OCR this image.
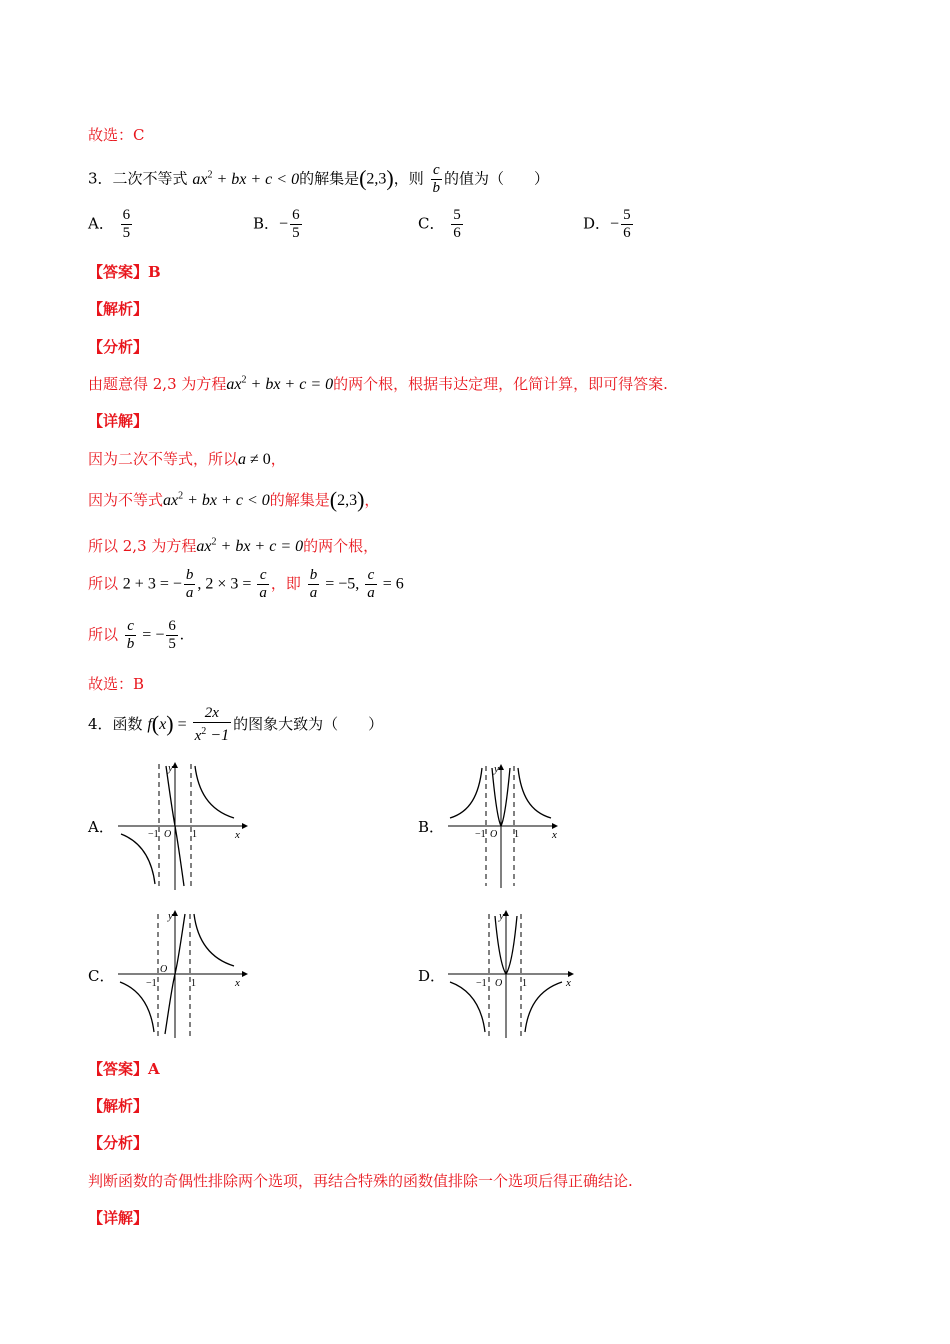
故选：C
3．二次不等式 $ax^2$ + bx + c < 0的解集是(2,3)，则 $\frac{c}{b}$ 的值为（　　）
A． $\frac{6}{5}$	B．− $\frac{6}{5}$	C． $\frac{5}{6}$	D．− $\frac{5}{6}$
【答案】B
【解析】
【分析】
由题意得 2,3 为方程$ax^2$ + bx + c = 0的两个根，根据韦达定理，化简计算，即可得答案.
【详解】
因为二次不等式，所以a ≠ 0，
因为不等式$ax^2$ + bx + c < 0的解集是(2,3)，
所以 2,3 为方程$ax^2$ + bx + c = 0的两个根，
所以 2 + 3 = − $\frac{b}{a}$ , $2 \times 3 = \frac{c}{a}$ ，即 $\frac{b}{a} = -5$, $\frac{c}{a} = 6$
所以 $\frac{c}{b}$ = − $\frac{6}{5}$ .
故选：B
4．函数 $f(x) = \frac{2x}{x^2 -1}$ 的图象大致为（　　）
A．	B．
C．	D．
y
x
O
−1	1
y
x
O
−1	1
y
x
O
−1	1
y
x
O
−1	1
【答案】A
【解析】
【分析】
判断函数的奇偶性排除两个选项，再结合特殊的函数值排除一个选项后得正确结论.
【详解】
